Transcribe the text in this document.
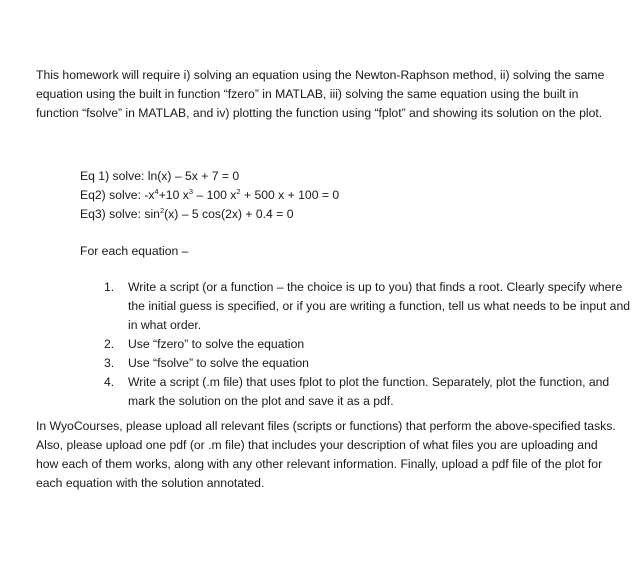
This homework will require i) solving an equation using the Newton-Raphson method, ii) solving the same equation using the built in function “fzero” in MATLAB, iii) solving the same equation using the built in function “fsolve” in MATLAB, and iv) plotting the function using “fplot” and showing its solution on the plot.

Eq 1) solve: ln(x) – 5x + 7 = 0
Eq2) solve: $-x^4+10$ $x^3 - 100$ $x^2 + 500$ x + 100 = 0
Eq3) solve: $\sin^2(x) - 5$ cos(2x) + 0.4 = 0

For each equation –

1.	Write a script (or a function – the choice is up to you) that finds a root. Clearly specify where the initial guess is specified, or if you are writing a function, tell us what needs to be input and in what order.
2.	Use “fzero” to solve the equation
3.	Use “fsolve” to solve the equation
4.	Write a script (.m file) that uses fplot to plot the function. Separately, plot the function, and mark the solution on the plot and save it as a pdf.

In WyoCourses, please upload all relevant files (scripts or functions) that perform the above-specified tasks. Also, please upload one pdf (or .m file) that includes your description of what files you are uploading and how each of them works, along with any other relevant information. Finally, upload a pdf file of the plot for each equation with the solution annotated.
